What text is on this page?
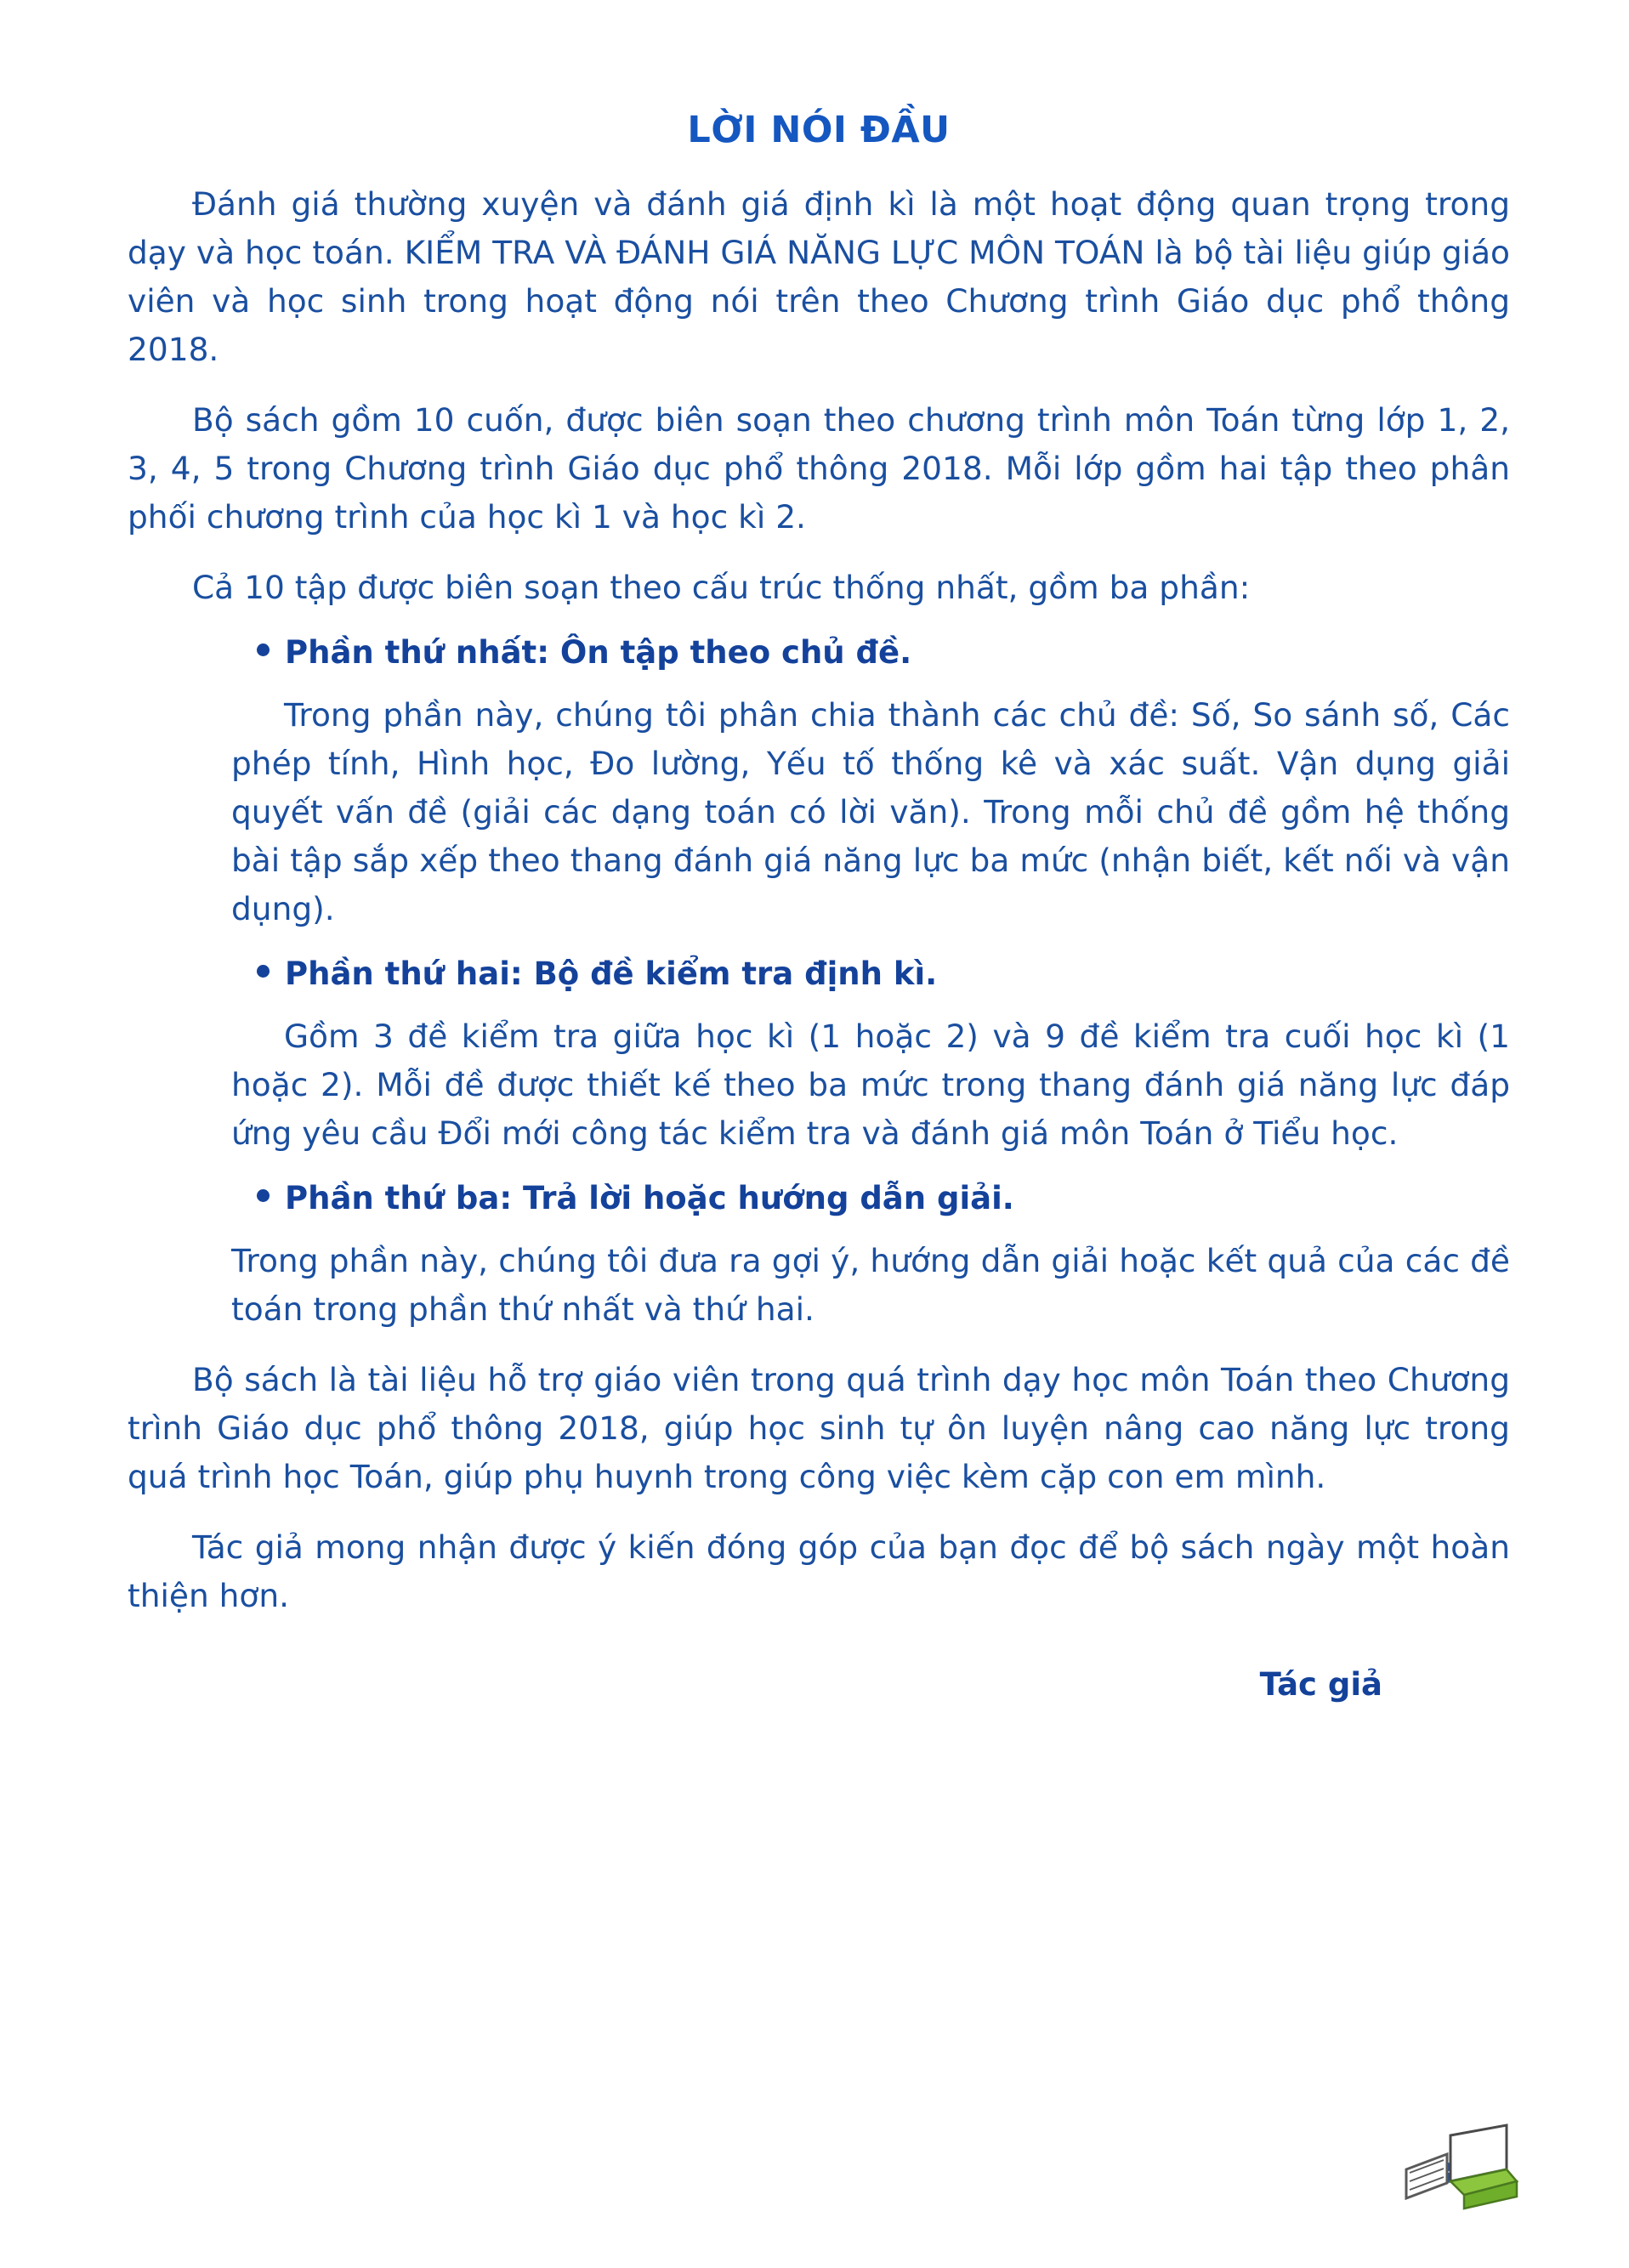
LỜI NÓI ĐẦU

Đánh giá thường xuyện và đánh giá định kì là một hoạt động quan trọng trong dạy và học toán. KIỂM TRA VÀ ĐÁNH GIÁ NĂNG LỰC MÔN TOÁN là bộ tài liệu giúp giáo viên và học sinh trong hoạt động nói trên theo Chương trình Giáo dục phổ thông 2018.

Bộ sách gồm 10 cuốn, được biên soạn theo chương trình môn Toán từng lớp 1, 2, 3, 4, 5 trong Chương trình Giáo dục phổ thông 2018. Mỗi lớp gồm hai tập theo phân phối chương trình của học kì 1 và học kì 2.

Cả 10 tập được biên soạn theo cấu trúc thống nhất, gồm ba phần:

Phần thứ nhất: Ôn tập theo chủ đề.

Trong phần này, chúng tôi phân chia thành các chủ đề: Số, So sánh số, Các phép tính, Hình học, Đo lường, Yếu tố thống kê và xác suất. Vận dụng giải quyết vấn đề (giải các dạng toán có lời văn). Trong mỗi chủ đề gồm hệ thống bài tập sắp xếp theo thang đánh giá năng lực ba mức (nhận biết, kết nối và vận dụng).

Phần thứ hai: Bộ đề kiểm tra định kì.

Gồm 3 đề kiểm tra giữa học kì (1 hoặc 2) và 9 đề kiểm tra cuối học kì (1 hoặc 2). Mỗi đề được thiết kế theo ba mức trong thang đánh giá năng lực đáp ứng yêu cầu Đổi mới công tác kiểm tra và đánh giá môn Toán ở Tiểu học.

Phần thứ ba: Trả lời hoặc hướng dẫn giải.

Trong phần này, chúng tôi đưa ra gợi ý, hướng dẫn giải hoặc kết quả của các đề toán trong phần thứ nhất và thứ hai.

Bộ sách là tài liệu hỗ trợ giáo viên trong quá trình dạy học môn Toán theo Chương trình Giáo dục phổ thông 2018, giúp học sinh tự ôn luyện nâng cao năng lực trong quá trình học Toán, giúp phụ huynh trong công việc kèm cặp con em mình.

Tác giả mong nhận được ý kiến đóng góp của bạn đọc để bộ sách ngày một hoàn thiện hơn.

Tác giả
